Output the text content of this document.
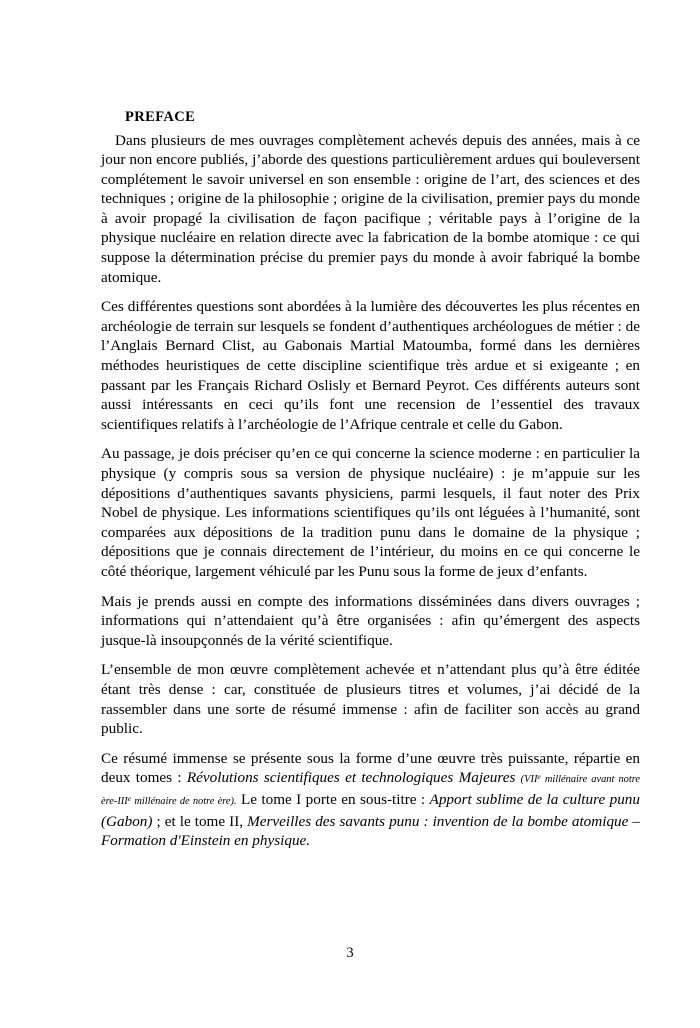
PREFACE

Dans plusieurs de mes ouvrages complètement achevés depuis des années, mais à ce jour non encore publiés, j’aborde des questions particulièrement ardues qui bouleversent complétement le savoir universel en son ensemble : origine de l’art, des sciences et des techniques ; origine de la philosophie ; origine de la civilisation, premier pays du monde à avoir propagé la civilisation de façon pacifique ; véritable pays à l’origine de la physique nucléaire en relation directe avec la fabrication de la bombe atomique : ce qui suppose la détermination précise du premier pays du monde à avoir fabriqué la bombe atomique.

Ces différentes questions sont abordées à la lumière des découvertes les plus récentes en archéologie de terrain sur lesquels se fondent d’authentiques archéologues de métier : de l’Anglais Bernard Clist, au Gabonais Martial Matoumba, formé dans les dernières méthodes heuristiques de cette discipline scientifique très ardue et si exigeante ; en passant par les Français Richard Oslisly et Bernard Peyrot. Ces différents auteurs sont aussi intéressants en ceci qu’ils font une recension de l’essentiel des travaux scientifiques relatifs à l’archéologie de l’Afrique centrale et celle du Gabon.

Au passage, je dois préciser qu’en ce qui concerne la science moderne : en particulier la physique (y compris sous sa version de physique nucléaire) : je m’appuie sur les dépositions d’authentiques savants physiciens, parmi lesquels, il faut noter des Prix Nobel de physique. Les informations scientifiques qu’ils ont léguées à l’humanité, sont comparées aux dépositions de la tradition punu dans le domaine de la physique ; dépositions que je connais directement de l’intérieur, du moins en ce qui concerne le côté théorique, largement véhiculé par les Punu sous la forme de jeux d’enfants.

Mais je prends aussi en compte des informations disséminées dans divers ouvrages ; informations qui n’attendaient qu’à être organisées : afin qu’émergent des aspects jusque-là insoupçonnés de la vérité scientifique.

L’ensemble de mon œuvre complètement achevée et n’attendant plus qu’à être éditée étant très dense : car, constituée de plusieurs titres et volumes, j’ai décidé de la rassembler dans une sorte de résumé immense : afin de faciliter son accès au grand public.

Ce résumé immense se présente sous la forme d’une œuvre très puissante, répartie en deux tomes : Révolutions scientifiques et technologiques Majeures (VIIe millénaire avant notre ère-IIIe millénaire de notre ère). Le tome I porte en sous-titre : Apport sublime de la culture punu (Gabon) ; et le tome II, Merveilles des savants punu : invention de la bombe atomique – Formation d'Einstein en physique.

3
